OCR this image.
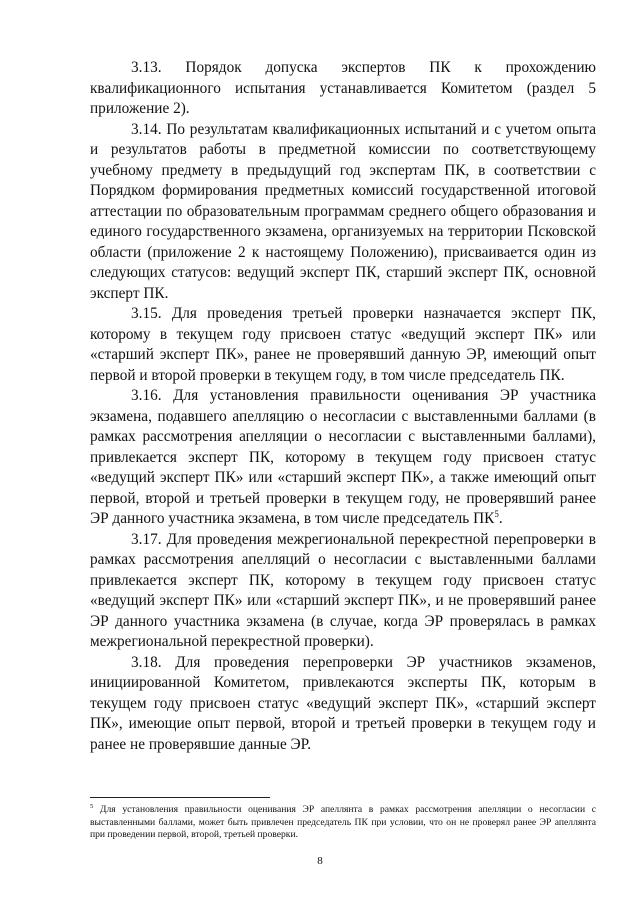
3.13. Порядок допуска экспертов ПК к прохождению квалификационного испытания устанавливается Комитетом (раздел 5 приложение 2).

3.14. По результатам квалификационных испытаний и с учетом опыта и результатов работы в предметной комиссии по соответствующему учебному предмету в предыдущий год экспертам ПК, в соответствии с Порядком формирования предметных комиссий государственной итоговой аттестации по образовательным программам среднего общего образования и единого государственного экзамена, организуемых на территории Псковской области (приложение 2 к настоящему Положению), присваивается один из следующих статусов: ведущий эксперт ПК, старший эксперт ПК, основной эксперт ПК.

3.15. Для проведения третьей проверки назначается эксперт ПК, которому в текущем году присвоен статус «ведущий эксперт ПК» или «старший эксперт ПК», ранее не проверявший данную ЭР, имеющий опыт первой и второй проверки в текущем году, в том числе председатель ПК.

3.16. Для установления правильности оценивания ЭР участника экзамена, подавшего апелляцию о несогласии с выставленными баллами (в рамках рассмотрения апелляции о несогласии с выставленными баллами), привлекается эксперт ПК, которому в текущем году присвоен статус «ведущий эксперт ПК» или «старший эксперт ПК», а также имеющий опыт первой, второй и третьей проверки в текущем году, не проверявший ранее ЭР данного участника экзамена, в том числе председатель $ПК^5$.

3.17. Для проведения межрегиональной перекрестной перепроверки в рамках рассмотрения апелляций о несогласии с выставленными баллами привлекается эксперт ПК, которому в текущем году присвоен статус «ведущий эксперт ПК» или «старший эксперт ПК», и не проверявший ранее ЭР данного участника экзамена (в случае, когда ЭР проверялась в рамках межрегиональной перекрестной проверки).

3.18. Для проведения перепроверки ЭР участников экзаменов, инициированной Комитетом, привлекаются эксперты ПК, которым в текущем году присвоен статус «ведущий эксперт ПК», «старший эксперт ПК», имеющие опыт первой, второй и третьей проверки в текущем году и ранее не проверявшие данные ЭР.

$^5$ Для установления правильности оценивания ЭР апеллянта в рамках рассмотрения апелляции о несогласии с выставленными баллами, может быть привлечен председатель ПК при условии, что он не проверял ранее ЭР апеллянта при проведении первой, второй, третьей проверки.

8
